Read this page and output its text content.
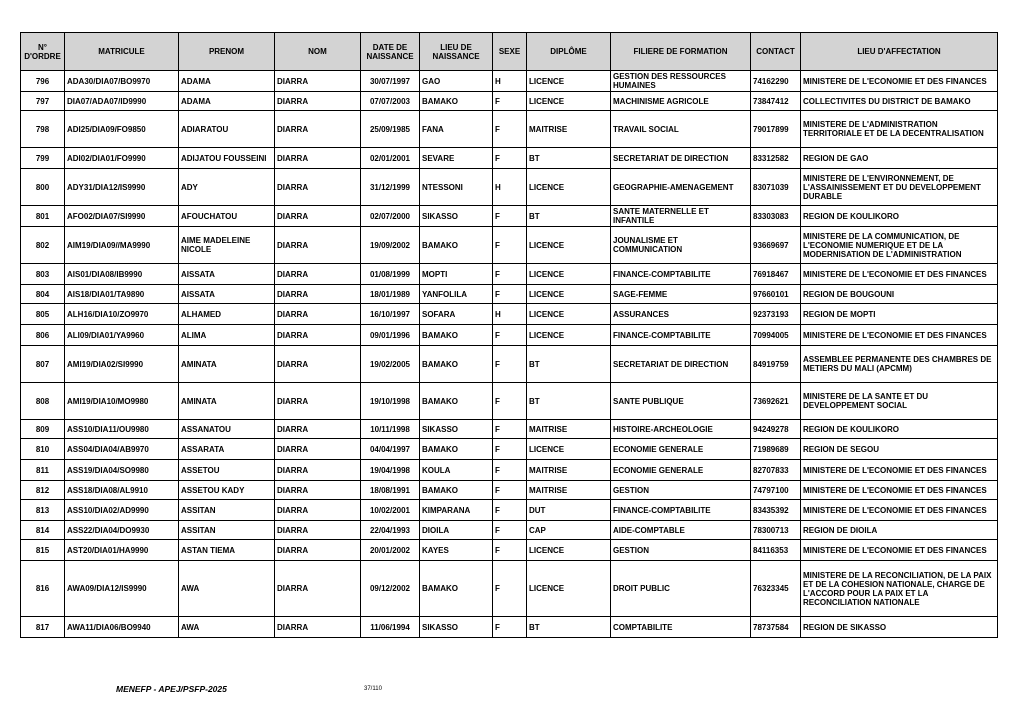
N° D'ORDRE	MATRICULE	PRENOM	NOM	DATE DE NAISSANCE	LIEU DE NAISSANCE	SEXE	DIPLÔME	FILIERE DE FORMATION	CONTACT	LIEU D'AFFECTATION
796	ADA30/DIA07/BO9970	ADAMA	DIARRA	30/07/1997	GAO	H	LICENCE	GESTION DES RESSOURCES HUMAINES	74162290	MINISTERE DE L'ECONOMIE ET DES FINANCES
797	DIA07/ADA07/ID9990	ADAMA	DIARRA	07/07/2003	BAMAKO	F	LICENCE	MACHINISME AGRICOLE	73847412	COLLECTIVITES DU DISTRICT DE BAMAKO
798	ADI25/DIA09/FO9850	ADIARATOU	DIARRA	25/09/1985	FANA	F	MAITRISE	TRAVAIL SOCIAL	79017899	MINISTERE DE L'ADMINISTRATION TERRITORIALE ET DE LA DECENTRALISATION
799	ADI02/DIA01/FO9990	ADIJATOU FOUSSEINI	DIARRA	02/01/2001	SEVARE	F	BT	SECRETARIAT DE DIRECTION	83312582	REGION DE GAO
800	ADY31/DIA12/IS9990	ADY	DIARRA	31/12/1999	NTESSONI	H	LICENCE	GEOGRAPHIE-AMENAGEMENT	83071039	MINISTERE DE L'ENVIRONNEMENT, DE L'ASSAINISSEMENT ET DU DEVELOPPEMENT DURABLE
801	AFO02/DIA07/SI9990	AFOUCHATOU	DIARRA	02/07/2000	SIKASSO	F	BT	SANTE MATERNELLE ET INFANTILE	83303083	REGION DE KOULIKORO
802	AIM19/DIA09//MA9990	AIME MADELEINE NICOLE	DIARRA	19/09/2002	BAMAKO	F	LICENCE	JOUNALISME ET COMMUNICATION	93669697	MINISTERE DE LA COMMUNICATION, DE L'ECONOMIE NUMERIQUE ET DE LA MODERNISATION DE L'ADMINISTRATION
803	AIS01/DIA08/IB9990	AISSATA	DIARRA	01/08/1999	MOPTI	F	LICENCE	FINANCE-COMPTABILITE	76918467	MINISTERE DE L'ECONOMIE ET DES FINANCES
804	AIS18/DIA01/TA9890	AISSATA	DIARRA	18/01/1989	YANFOLILA	F	LICENCE	SAGE-FEMME	97660101	REGION DE BOUGOUNI
805	ALH16/DIA10/ZO9970	ALHAMED	DIARRA	16/10/1997	SOFARA	H	LICENCE	ASSURANCES	92373193	REGION DE MOPTI
806	ALI09/DIA01/YA9960	ALIMA	DIARRA	09/01/1996	BAMAKO	F	LICENCE	FINANCE-COMPTABILITE	70994005	MINISTERE DE L'ECONOMIE ET DES FINANCES
807	AMI19/DIA02/SI9990	AMINATA	DIARRA	19/02/2005	BAMAKO	F	BT	SECRETARIAT DE DIRECTION	84919759	ASSEMBLEE PERMANENTE DES CHAMBRES DE METIERS DU MALI (APCMM)
808	AMI19/DIA10/MO9980	AMINATA	DIARRA	19/10/1998	BAMAKO	F	BT	SANTE PUBLIQUE	73692621	MINISTERE DE LA SANTE ET DU DEVELOPPEMENT SOCIAL
809	ASS10/DIA11/OU9980	ASSANATOU	DIARRA	10/11/1998	SIKASSO	F	MAITRISE	HISTOIRE-ARCHEOLOGIE	94249278	REGION DE KOULIKORO
810	ASS04/DIA04/AB9970	ASSARATA	DIARRA	04/04/1997	BAMAKO	F	LICENCE	ECONOMIE GENERALE	71989689	REGION DE SEGOU
811	ASS19/DIA04/SO9980	ASSETOU	DIARRA	19/04/1998	KOULA	F	MAITRISE	ECONOMIE GENERALE	82707833	MINISTERE DE L'ECONOMIE ET DES FINANCES
812	ASS18/DIA08/AL9910	ASSETOU KADY	DIARRA	18/08/1991	BAMAKO	F	MAITRISE	GESTION	74797100	MINISTERE DE L'ECONOMIE ET DES FINANCES
813	ASS10/DIA02/AD9990	ASSITAN	DIARRA	10/02/2001	KIMPARANA	F	DUT	FINANCE-COMPTABILITE	83435392	MINISTERE DE L'ECONOMIE ET DES FINANCES
814	ASS22/DIA04/DO9930	ASSITAN	DIARRA	22/04/1993	DIOILA	F	CAP	AIDE-COMPTABLE	78300713	REGION DE DIOILA
815	AST20/DIA01/HA9990	ASTAN TIEMA	DIARRA	20/01/2002	KAYES	F	LICENCE	GESTION	84116353	MINISTERE DE L'ECONOMIE ET DES FINANCES
816	AWA09/DIA12/IS9990	AWA	DIARRA	09/12/2002	BAMAKO	F	LICENCE	DROIT PUBLIC	76323345	MINISTERE DE LA RECONCILIATION, DE LA PAIX ET DE LA COHESION NATIONALE, CHARGE DE L'ACCORD POUR LA PAIX ET LA RECONCILIATION NATIONALE
817	AWA11/DIA06/BO9940	AWA	DIARRA	11/06/1994	SIKASSO	F	BT	COMPTABILITE	78737584	REGION DE SIKASSO
MENEFP - APEJ/PSFP-2025	37/110
